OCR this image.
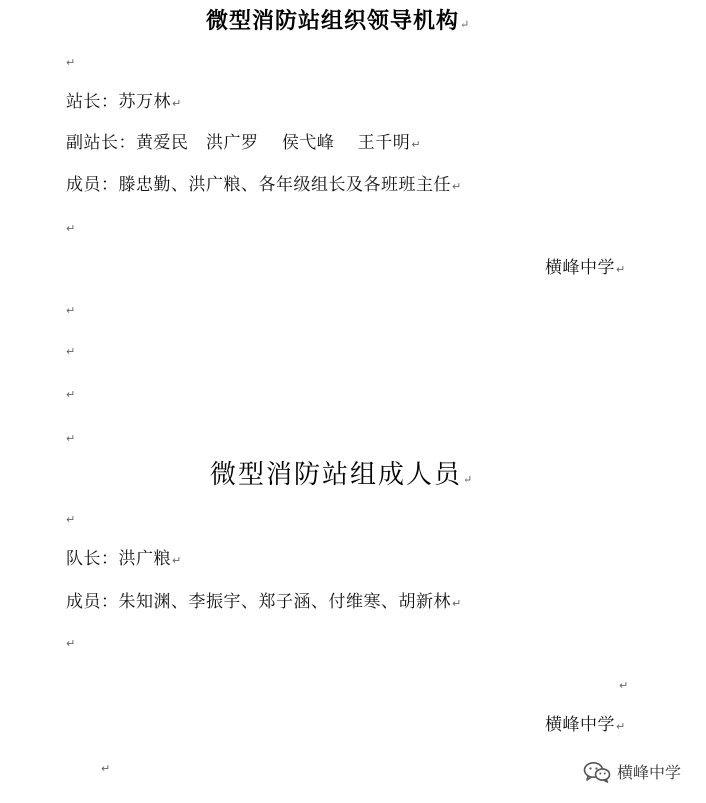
微型消防站组织领导机构↵
↵
站长：苏万林↵
副站长：黄爱民　洪广罗　 侯弋峰　 王千明↵
成员：滕忠勤、洪广粮、各年级组长及各班班主任↵
↵
横峰中学↵
↵
↵
↵
↵
微型消防站组成人员↵
↵
队长：洪广粮↵
成员：朱知渊、李振宇、郑子涵、付维寒、胡新林↵
↵
↵
横峰中学↵
↵	横峰中学
